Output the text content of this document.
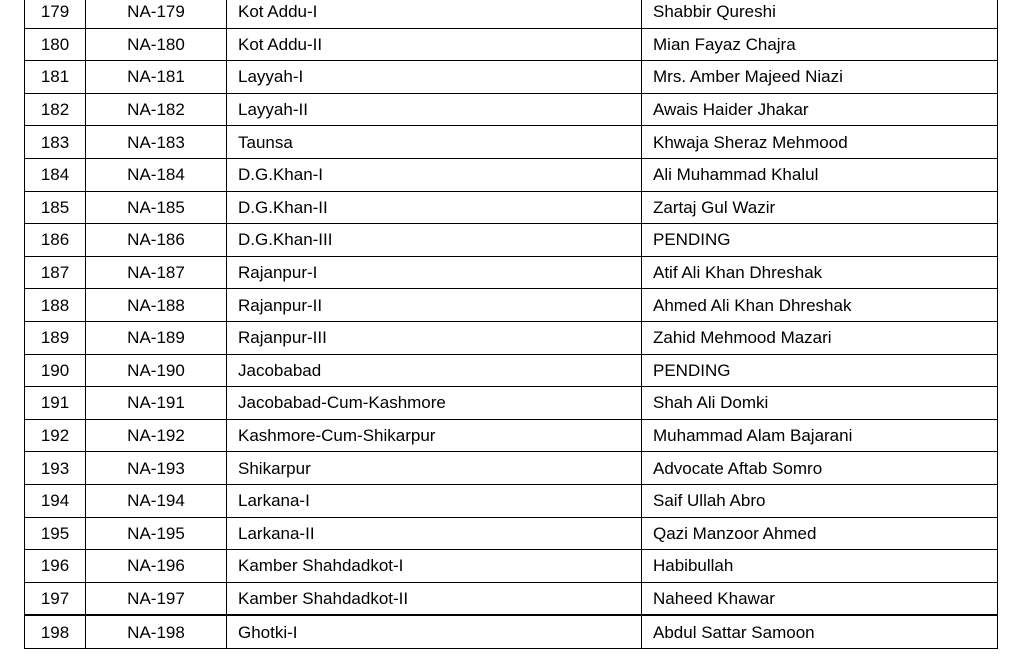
179	NA-179	Kot Addu-I	Shabbir Qureshi
180	NA-180	Kot Addu-II	Mian Fayaz Chajra
181	NA-181	Layyah-I	Mrs. Amber Majeed Niazi
182	NA-182	Layyah-II	Awais Haider Jhakar
183	NA-183	Taunsa	Khwaja Sheraz Mehmood
184	NA-184	D.G.Khan-I	Ali Muhammad Khalul
185	NA-185	D.G.Khan-II	Zartaj Gul Wazir
186	NA-186	D.G.Khan-III	PENDING
187	NA-187	Rajanpur-I	Atif Ali Khan Dhreshak
188	NA-188	Rajanpur-II	Ahmed Ali Khan Dhreshak
189	NA-189	Rajanpur-III	Zahid Mehmood Mazari
190	NA-190	Jacobabad	PENDING
191	NA-191	Jacobabad-Cum-Kashmore	Shah Ali Domki
192	NA-192	Kashmore-Cum-Shikarpur	Muhammad Alam Bajarani
193	NA-193	Shikarpur	Advocate Aftab Somro
194	NA-194	Larkana-I	Saif Ullah Abro
195	NA-195	Larkana-II	Qazi Manzoor Ahmed
196	NA-196	Kamber Shahdadkot-I	Habibullah
197	NA-197	Kamber Shahdadkot-II	Naheed Khawar
198	NA-198	Ghotki-I	Abdul Sattar Samoon
